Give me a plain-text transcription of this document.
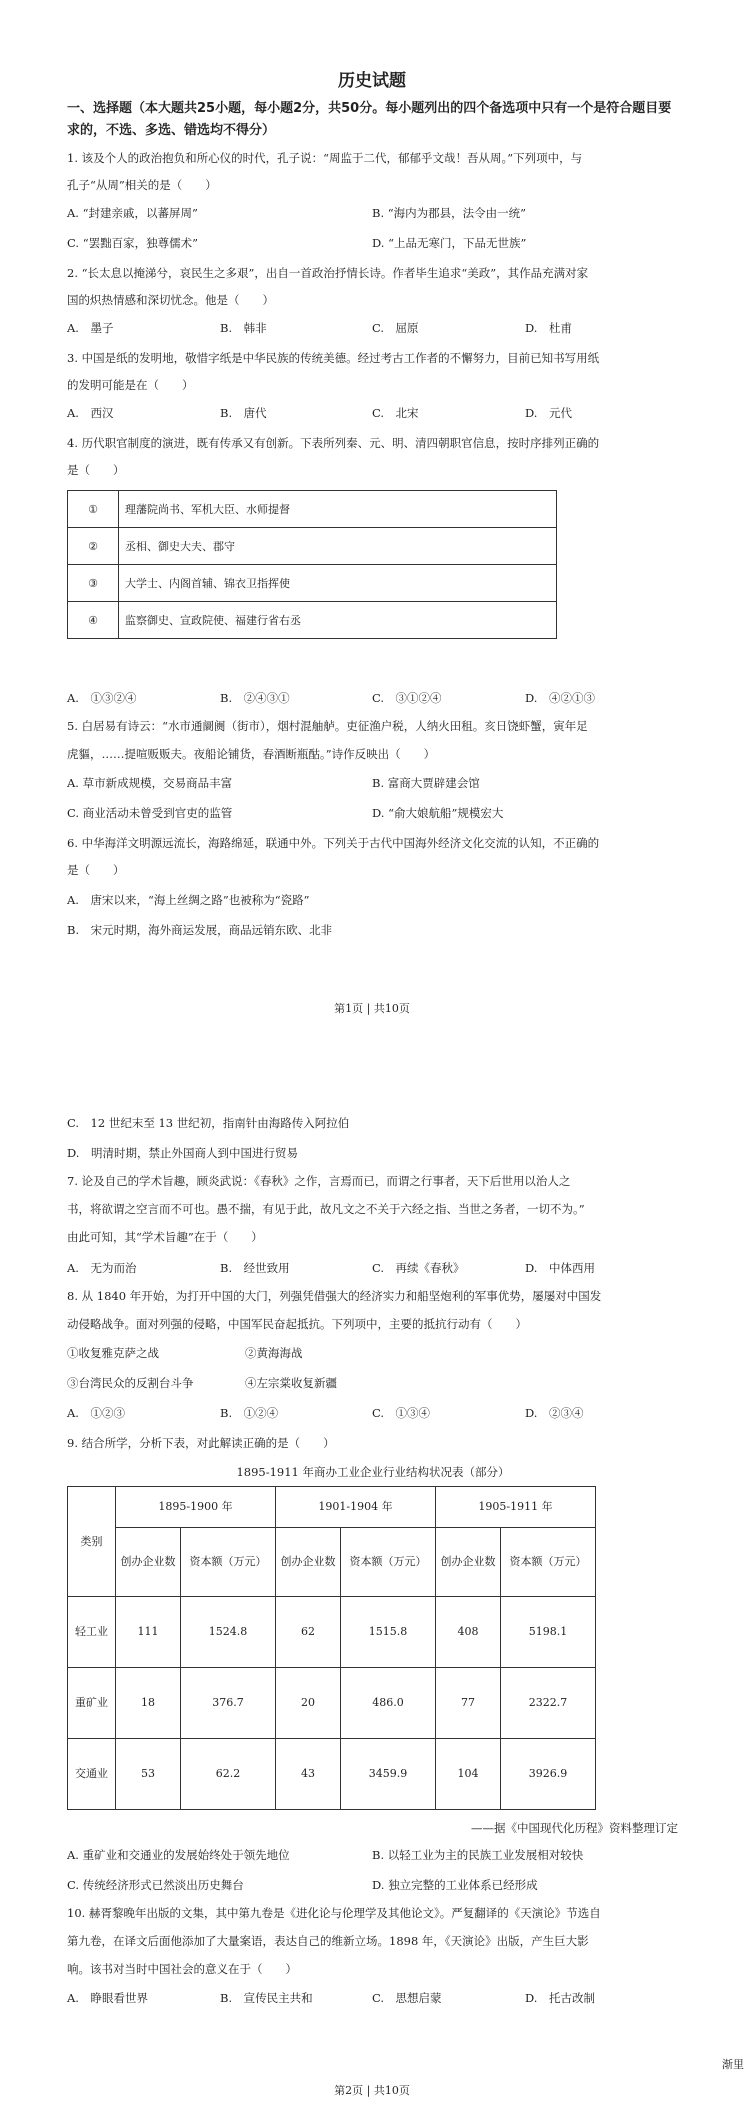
历史试题
一、选择题（本大题共25小题，每小题2分，共50分。每小题列出的四个备选项中只有一个是符合题目要求的，不选、多选、错选均不得分）
1. 该及个人的政治抱负和所心仪的时代，孔子说：“周监于二代，郁郁乎文哉！吾从周。”下列项中，与
孔子“从周”相关的是（　　）
A. “封建亲戚，以蕃屏周”	B. “海内为郡县，法令由一统”
C. “罢黜百家，独尊儒术”	D. “上品无寒门，下品无世族”
2. “长太息以掩涕兮，哀民生之多艰”，出自一首政治抒情长诗。作者毕生追求“美政”，其作品充满对家
国的炽热情感和深切忧念。他是（　　）
A.　墨子	B.　韩非	C.　屈原	D.　杜甫
3. 中国是纸的发明地，敬惜字纸是中华民族的传统美德。经过考古工作者的不懈努力，目前已知书写用纸
的发明可能是在（　　）
A.　西汉	B.　唐代	C.　北宋	D.　元代
4. 历代职官制度的演进，既有传承又有创新。下表所列秦、元、明、清四朝职官信息，按时序排列正确的
是（　　）
①	理藩院尚书、军机大臣、水师提督
②	丞相、御史大夫、郡守
③	大学士、内阁首辅、锦衣卫指挥使
④	监察御史、宣政院使、福建行省右丞
A.　①③②④	B.　②④③①	C.　③①②④	D.　④②①③
5. 白居易有诗云：“水市通阛阓（街市），烟村混舳舻。吏征渔户税，人纳火田租。亥日饶虾蟹，寅年足
虎貙，……提喧贩贩夫。夜船论铺货，春酒断瓶酤。”诗作反映出（　　）
A. 草市新成规模，交易商品丰富	B. 富商大贾辟建会馆
C. 商业活动未曾受到官吏的监管	D. “俞大娘航船”规模宏大
6. 中华海洋文明源远流长，海路绵延，联通中外。下列关于古代中国海外经济文化交流的认知，不正确的
是（　　）
A.　唐宋以来，“海上丝绸之路”也被称为“瓷路”
B.　宋元时期，海外商运发展，商品远销东欧、北非
第1页 | 共10页
C.　12 世纪末至 13 世纪初，指南针由海路传入阿拉伯
D.　明清时期，禁止外国商人到中国进行贸易
7. 论及自己的学术旨趣，顾炎武说：《春秋》之作，言焉而已，而谓之行事者，天下后世用以治人之
书，将欲谓之空言而不可也。愚不揣，有见于此，故凡文之不关于六经之指、当世之务者，一切不为。”
由此可知，其“学术旨趣”在于（　　）
A.　无为而治	B.　经世致用	C.　再续《春秋》	D.　中体西用
8. 从 1840 年开始，为打开中国的大门，列强凭借强大的经济实力和船坚炮利的军事优势，屡屡对中国发
动侵略战争。面对列强的侵略，中国军民奋起抵抗。下列项中，主要的抵抗行动有（　　）
①收复雅克萨之战	②黄海海战
③台湾民众的反割台斗争	④左宗棠收复新疆
A.　①②③	B.　①②④	C.　①③④	D.　②③④
9. 结合所学，分析下表，对此解读正确的是（　　）
1895-1911 年商办工业企业行业结构状况表（部分）
类别	1895-1900 年		1901-1904 年		1905-1911 年	
	创办企业数	资本额（万元）	创办企业数	资本额（万元）	创办企业数	资本额（万元）
轻工业	111	1524.8	62	1515.8	408	5198.1
重矿业	18	376.7	20	486.0	77	2322.7
交通业	53	62.2	43	3459.9	104	3926.9
——据《中国现代化历程》资料整理订定
A. 重矿业和交通业的发展始终处于领先地位	B. 以轻工业为主的民族工业发展相对较快
C. 传统经济形式已然淡出历史舞台	D. 独立完整的工业体系已经形成
10. 赫胥黎晚年出版的文集，其中第九卷是《进化论与伦理学及其他论文》。严复翻译的《天演论》节选自
第九卷，在译文后面他添加了大量案语，表达自己的维新立场。1898 年，《天演论》出版，产生巨大影
响。该书对当时中国社会的意义在于（　　）
A.　睁眼看世界	B.　宣传民主共和	C.　思想启蒙	D.　托古改制
渐里
第2页 | 共10页
